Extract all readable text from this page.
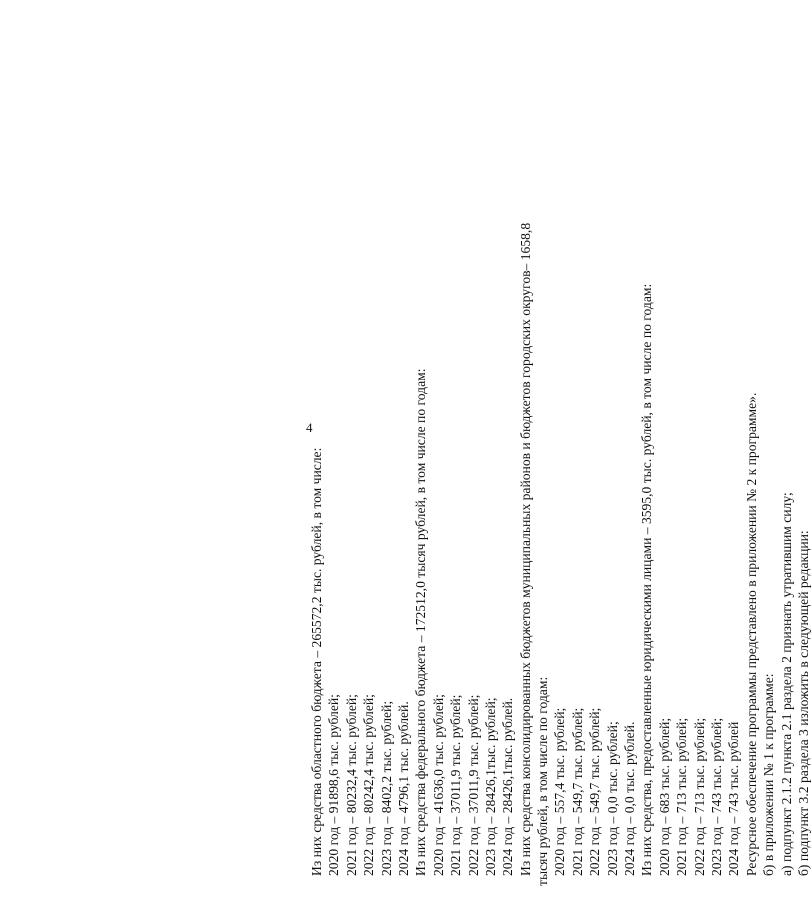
4
Из них средства областного бюджета – 265572,2 тыс. рублей, в том числе: 2020 год – 91898,6 тыс. рублей; 2021 год – 80232,4 тыс. рублей; 2022 год – 80242,4 тыс. рублей; 2023 год – 8402,2 тыс. рублей; 2024 год – 4796,1 тыс. рублей. Из них средства федерального бюджета – 172512,0 тысяч рублей, в том числе по годам: 2020 год – 41636,0 тыс. рублей; 2021 год – 37011,9 тыс. рублей; 2022 год – 37011,9 тыс. рублей; 2023 год – 28426,1тыс. рублей; 2024 год – 28426,1тыс. рублей. Из них средства консолидированных бюджетов муниципальных районов и бюджетов городских округов– 1658,8 тысяч рублей, в том числе по годам: 2020 год – 557,4 тыс. рублей; 2021 год – 549,7 тыс. рублей; 2022 год – 549,7 тыс. рублей; 2023 год – 0,0 тыс. рублей; 2024 год – 0,0 тыс. рублей. Из них средства, предоставленные юридическими лицами – 3595,0 тыс. рублей, в том числе по годам: 2020 год – 683 тыс. рублей; 2021 год – 713 тыс. рублей; 2022 год – 713 тыс. рублей; 2023 год – 743 тыс. рублей; 2024 год – 743 тыс. рублей Ресурсное обеспечение программы представлено в приложении № 2 к программе». б) в приложении № 1 к программе: а) подпункт 2.1.2 пункта 2.1 раздела 2 признать утратившим силу; б) подпункт 3.2 раздела 3 изложить в следующей редакции:
